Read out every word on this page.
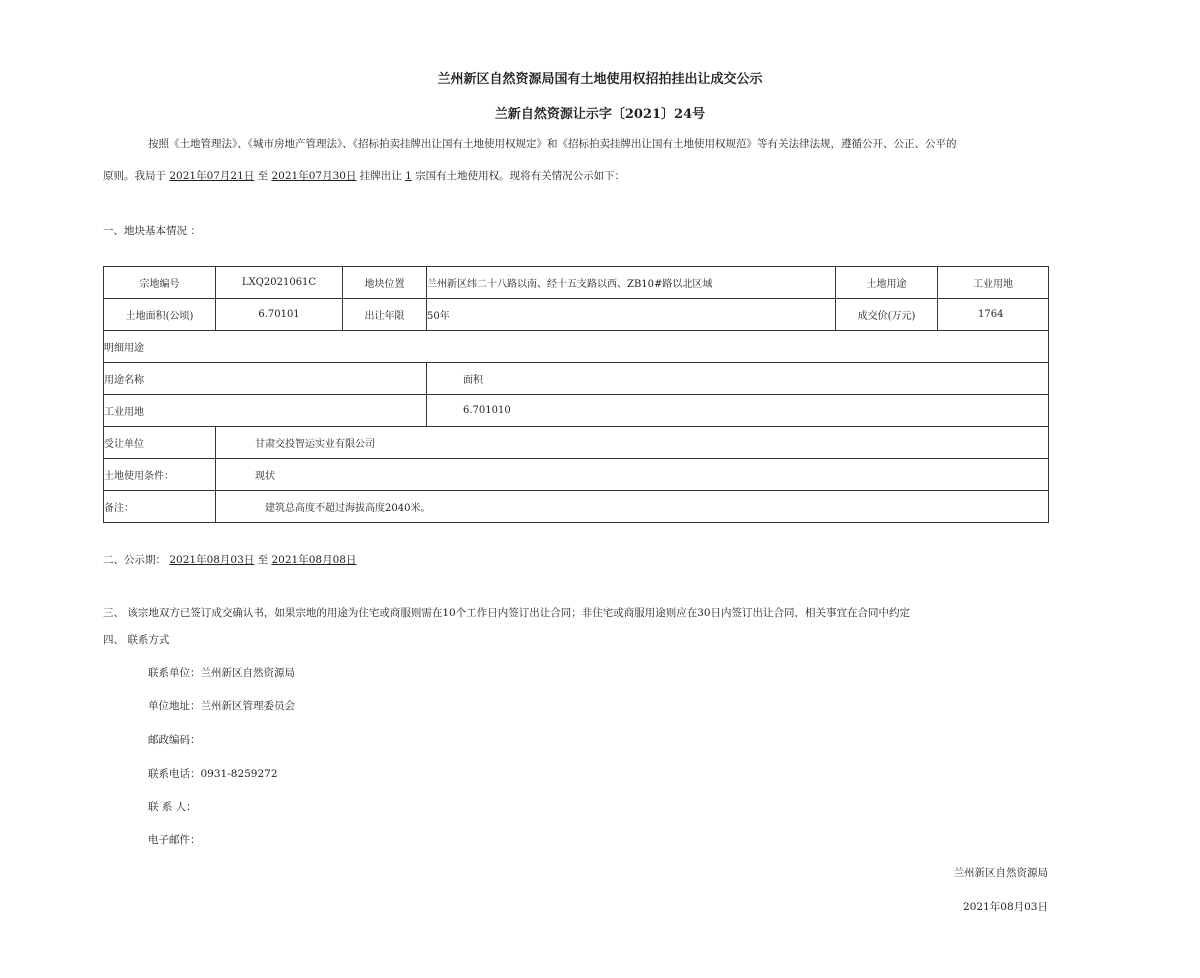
兰州新区自然资源局国有土地使用权招拍挂出让成交公示
兰新自然资源让示字〔2021〕24号
按照《土地管理法》、《城市房地产管理法》、《招标拍卖挂牌出让国有土地使用权规定》和《招标拍卖挂牌出让国有土地使用权规范》等有关法律法规，遵循公开、公正、公平的
原则。我局于 2021年07月21日 至 2021年07月30日 挂牌出让 1 宗国有土地使用权。现将有关情况公示如下：
一、地块基本情况 ：
宗地编号	LXQ2021061C	地块位置	兰州新区纬二十八路以南、经十五支路以西、ZB10#路以北区域	土地用途	工业用地
土地面积(公顷)	6.70101	出让年限	50年	成交价(万元)	1764
明细用途					
用途名称			面积		
工业用地			6.701010		
受让单位	甘肃交投智运实业有限公司				
土地使用条件：	现状				
备注：	建筑总高度不超过海拔高度2040米。				
二、公示期： 2021年08月03日 至 2021年08月08日
三、 该宗地双方已签订成交确认书，如果宗地的用途为住宅或商服则需在10个工作日内签订出让合同；非住宅或商服用途则应在30日内签订出让合同，相关事宜在合同中约定
四、 联系方式
联系单位：兰州新区自然资源局
单位地址：兰州新区管理委员会
邮政编码：
联系电话：0931-8259272
联 系 人：
电子邮件：
兰州新区自然资源局
2021年08月03日
